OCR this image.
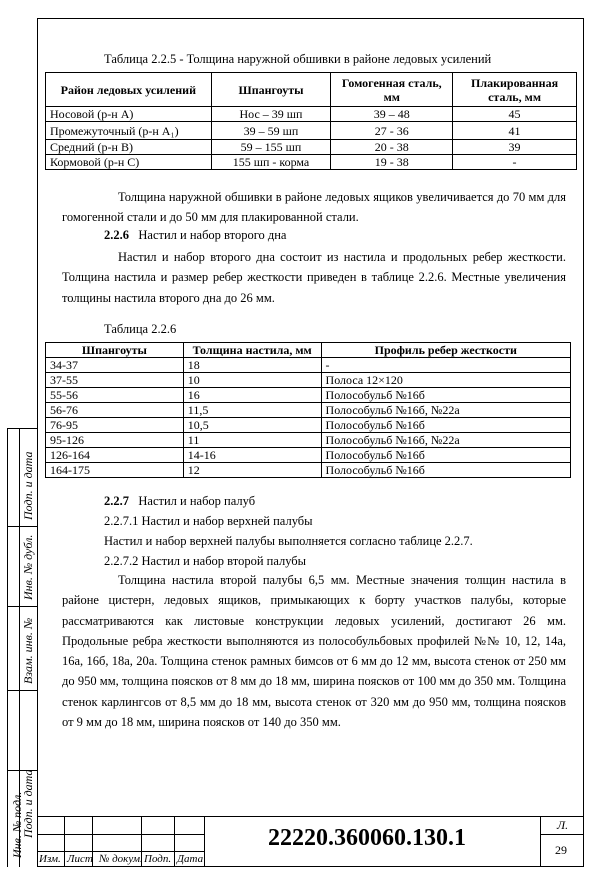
Подп. и дата
Инв. № дубл.
Взам. инв. №
Подп. и дата
Инв. № подл.
Таблица 2.2.5 - Толщина наружной обшивки в районе ледовых усилений
Район ледовых усилений	Шпангоуты	Гомогенная сталь, мм	Плакированная сталь, мм
Носовой (р-н А)	Нос – 39 шп	39 – 48	45
Промежуточный (р-н А₁)	39 – 59 шп	27 - 36	41
Средний (р-н В)	59 – 155 шп	20 - 38	39
Кормовой (р-н С)	155 шп - корма	19 - 38	-
Толщина наружной обшивки в районе ледовых ящиков увеличивается до 70 мм для гомогенной стали и до 50 мм для плакированной стали.
2.2.6 Настил и набор второго дна
Настил и набор второго дна состоит из настила и продольных ребер жесткости. Толщина настила и размер ребер жесткости приведен в таблице 2.2.6. Местные увеличения толщины настила второго дна до 26 мм.
Таблица 2.2.6
Шпангоуты	Толщина настила, мм	Профиль ребер жесткости
34-37	18	-
37-55	10	Полоса 12×120
55-56	16	Полособульб №16б
56-76	11,5	Полособульб №16б, №22а
76-95	10,5	Полособульб №16б
95-126	11	Полособульб №16б, №22а
126-164	14-16	Полособульб №16б
164-175	12	Полособульб №16б
2.2.7 Настил и набор палуб
2.2.7.1 Настил и набор верхней палубы
Настил и набор верхней палубы выполняется согласно таблице 2.2.7.
2.2.7.2 Настил и набор второй палубы
Толщина настила второй палубы 6,5 мм. Местные значения толщин настила в районе цистерн, ледовых ящиков, примыкающих к борту участков палубы, которые рассматриваются как листовые конструкции ледовых усилений, достигают 26 мм. Продольные ребра жесткости выполняются из полособульбовых профилей №№ 10, 12, 14а, 16а, 16б, 18а, 20а. Толщина стенок рамных бимсов от 6 мм до 12 мм, высота стенок от 250 мм до 950 мм, толщина поясков от 8 мм до 18 мм, ширина поясков от 100 мм до 350 мм. Толщина стенок карлингсов от 8,5 мм до 18 мм, высота стенок от 320 мм до 950 мм, толщина поясков от 9 мм до 18 мм, ширина поясков от 140 до 350 мм.
Изм. Лист № докум. Подп. Дата
22220.360060.130.1	Л.
29
